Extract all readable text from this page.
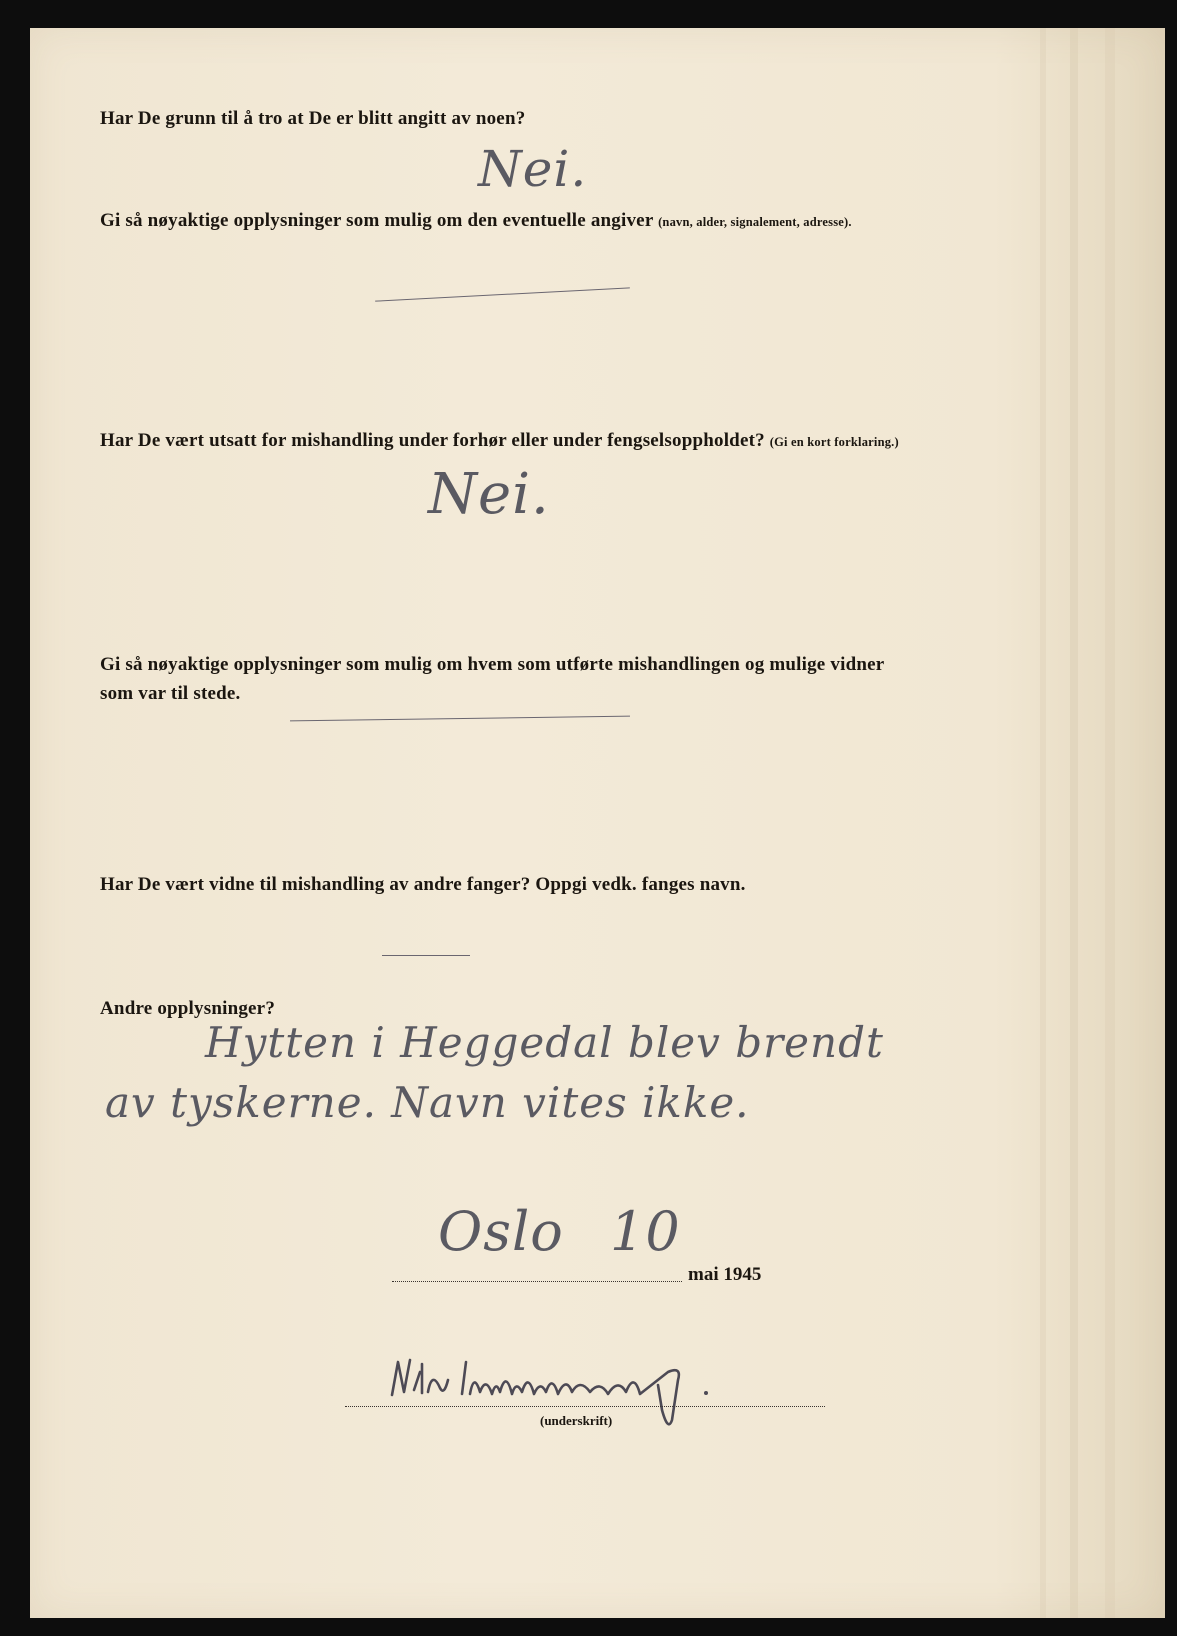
Har De grunn til å tro at De er blitt angitt av noen?
Nei.
Gi så nøyaktige opplysninger som mulig om den eventuelle angiver (navn, alder, signalement, adresse).
Har De vært utsatt for mishandling under forhør eller under fengselsoppholdet? (Gi en kort forklaring.)
Nei.
Gi så nøyaktige opplysninger som mulig om hvem som utførte mishandlingen og mulige vidner
som var til stede.
Har De vært vidne til mishandling av andre fanger? Oppgi vedk. fanges navn.
Andre opplysninger?
Hytten i Heggedal blev brendt
av tyskerne. Navn vites ikke.
Oslo 10
mai 1945
(underskrift)
